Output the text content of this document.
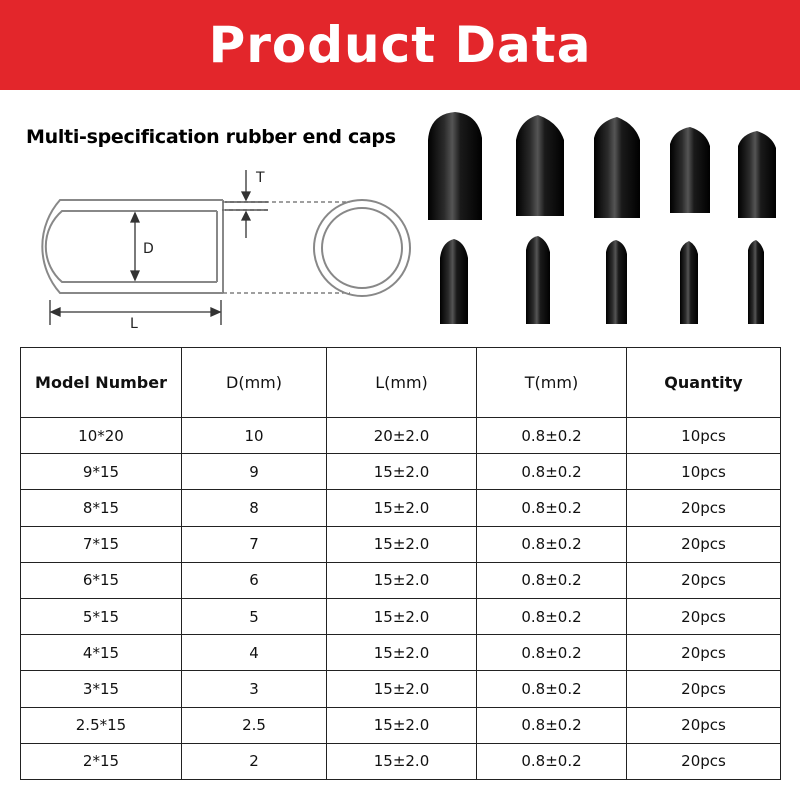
Product Data
Multi-specification rubber end caps
T
D
L
Model Number	D(mm)	L(mm)	T(mm)	Quantity
10*20	10	20±2.0	0.8±0.2	10pcs
9*15	9	15±2.0	0.8±0.2	10pcs
8*15	8	15±2.0	0.8±0.2	20pcs
7*15	7	15±2.0	0.8±0.2	20pcs
6*15	6	15±2.0	0.8±0.2	20pcs
5*15	5	15±2.0	0.8±0.2	20pcs
4*15	4	15±2.0	0.8±0.2	20pcs
3*15	3	15±2.0	0.8±0.2	20pcs
2.5*15	2.5	15±2.0	0.8±0.2	20pcs
2*15	2	15±2.0	0.8±0.2	20pcs
